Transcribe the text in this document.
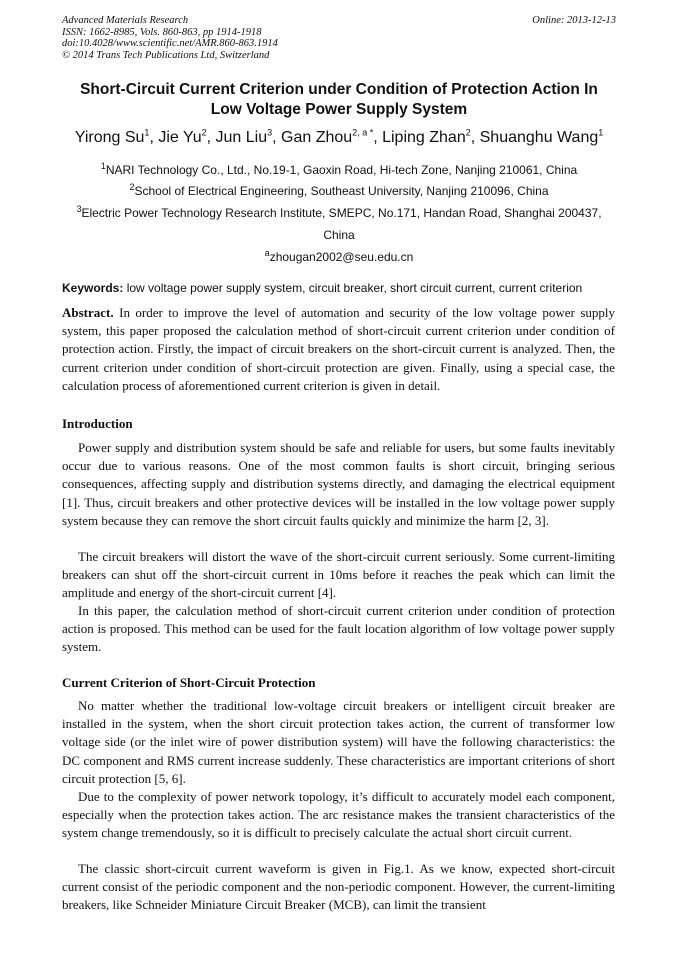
Advanced Materials Research
ISSN: 1662-8985, Vols. 860-863, pp 1914-1918
doi:10.4028/www.scientific.net/AMR.860-863.1914
© 2014 Trans Tech Publications Ltd, Switzerland
Online: 2013-12-13
Short-Circuit Current Criterion under Condition of Protection Action In
Low Voltage Power Supply System
Yirong Su$^1$, Jie Yu$^2$, Jun Liu$^3$, Gan Zhou$^{2, a *}$, Liping Zhan$^2$, Shuanghu Wang$^1$
$^1$NARI Technology Co., Ltd., No.19-1, Gaoxin Road, Hi-tech Zone, Nanjing 210061, China
$^2$School of Electrical Engineering, Southeast University, Nanjing 210096, China
$^3$Electric Power Technology Research Institute, SMEPC, No.171, Handan Road, Shanghai 200437,
China
$^a$zhougan2002@seu.edu.cn
Keywords: low voltage power supply system, circuit breaker, short circuit current, current criterion

Abstract. In order to improve the level of automation and security of the low voltage power supply system, this paper proposed the calculation method of short-circuit current criterion under condition of protection action. Firstly, the impact of circuit breakers on the short-circuit current is analyzed. Then, the current criterion under condition of short-circuit protection are given. Finally, using a special case, the calculation process of aforementioned current criterion is given in detail.

Introduction

Power supply and distribution system should be safe and reliable for users, but some faults inevitably occur due to various reasons. One of the most common faults is short circuit, bringing serious consequences, affecting supply and distribution systems directly, and damaging the electrical equipment [1]. Thus, circuit breakers and other protective devices will be installed in the low voltage power supply system because they can remove the short circuit faults quickly and minimize the harm [2, 3].

The circuit breakers will distort the wave of the short-circuit current seriously. Some current-limiting breakers can shut off the short-circuit current in 10ms before it reaches the peak which can limit the amplitude and energy of the short-circuit current [4].

In this paper, the calculation method of short-circuit current criterion under condition of protection action is proposed. This method can be used for the fault location algorithm of low voltage power supply system.

Current Criterion of Short-Circuit Protection

No matter whether the traditional low-voltage circuit breakers or intelligent circuit breaker are installed in the system, when the short circuit protection takes action, the current of transformer low voltage side (or the inlet wire of power distribution system) will have the following characteristics: the DC component and RMS current increase suddenly. These characteristics are important criterions of short circuit protection [5, 6].

Due to the complexity of power network topology, it’s difficult to accurately model each component, especially when the protection takes action. The arc resistance makes the transient characteristics of the system change tremendously, so it is difficult to precisely calculate the actual short circuit current.

The classic short-circuit current waveform is given in Fig.1. As we know, expected short-circuit current consist of the periodic component and the non-periodic component. However, the current-limiting breakers, like Schneider Miniature Circuit Breaker (MCB), can limit the transient
